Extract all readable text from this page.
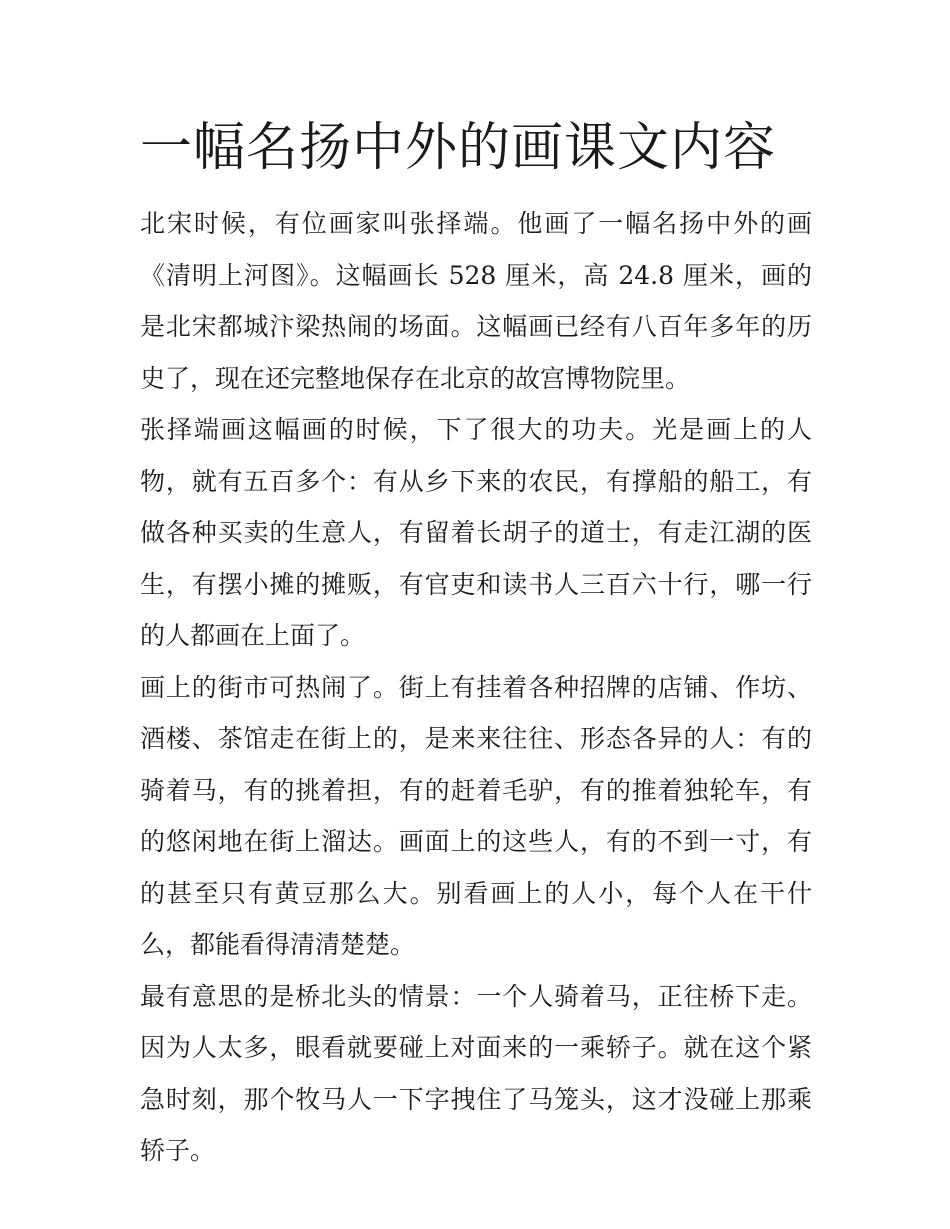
一幅名扬中外的画课文内容

北宋时候，有位画家叫张择端。他画了一幅名扬中外的画《清明上河图》。这幅画长 528 厘米，高 24.8 厘米，画的是北宋都城汴梁热闹的场面。这幅画已经有八百年多年的历史了，现在还完整地保存在北京的故宫博物院里。

张择端画这幅画的时候，下了很大的功夫。光是画上的人物，就有五百多个：有从乡下来的农民，有撑船的船工，有做各种买卖的生意人，有留着长胡子的道士，有走江湖的医生，有摆小摊的摊贩，有官吏和读书人三百六十行，哪一行的人都画在上面了。

画上的街市可热闹了。街上有挂着各种招牌的店铺、作坊、酒楼、茶馆走在街上的，是来来往往、形态各异的人：有的骑着马，有的挑着担，有的赶着毛驴，有的推着独轮车，有的悠闲地在街上溜达。画面上的这些人，有的不到一寸，有的甚至只有黄豆那么大。别看画上的人小，每个人在干什么，都能看得清清楚楚。

最有意思的是桥北头的情景：一个人骑着马，正往桥下走。因为人太多，眼看就要碰上对面来的一乘轿子。就在这个紧急时刻，那个牧马人一下字拽住了马笼头，这才没碰上那乘轿子。
